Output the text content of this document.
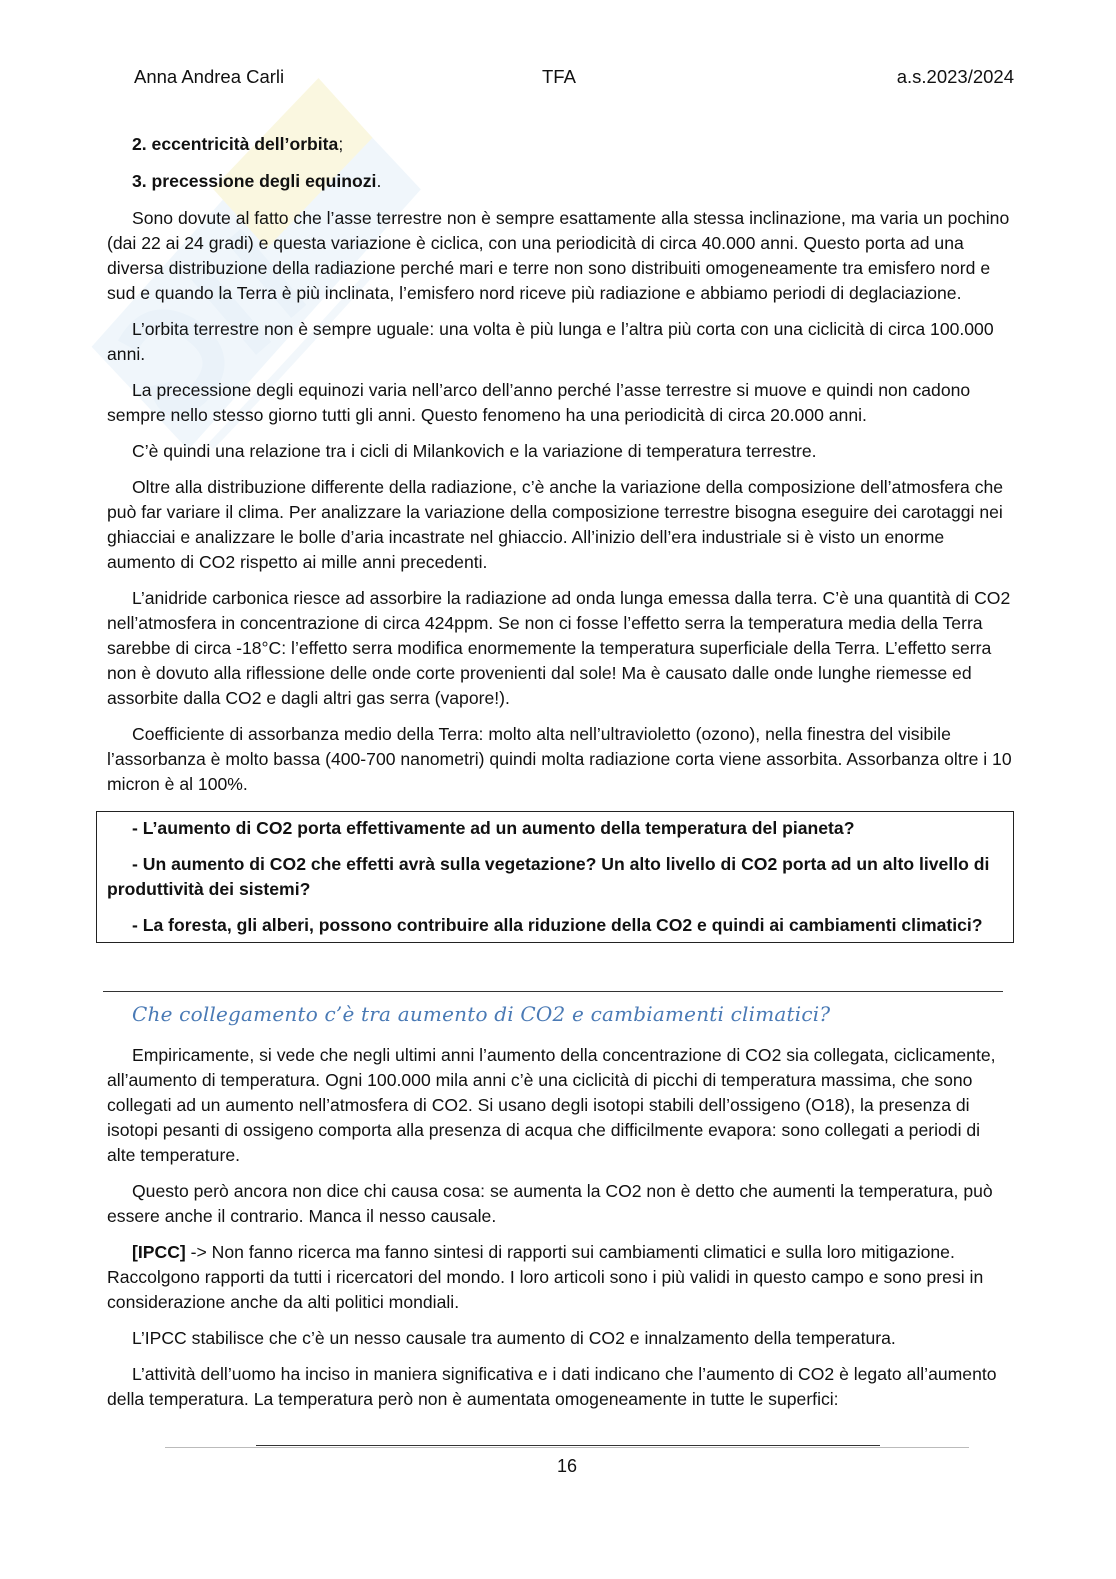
Anna Andrea Carli	TFA	a.s.2023/2024

2. eccentricità dell’orbita;

3. precessione degli equinozi.

Sono dovute al fatto che l’asse terrestre non è sempre esattamente alla stessa inclinazione, ma varia un pochino (dai 22 ai 24 gradi) e questa variazione è ciclica, con una periodicità di circa 40.000 anni. Questo porta ad una diversa distribuzione della radiazione perché mari e terre non sono distribuiti omogeneamente tra emisfero nord e sud e quando la Terra è più inclinata, l’emisfero nord riceve più radiazione e abbiamo periodi di deglaciazione.

L’orbita terrestre non è sempre uguale: una volta è più lunga e l’altra più corta con una ciclicità di circa 100.000 anni.

La precessione degli equinozi varia nell’arco dell’anno perché l’asse terrestre si muove e quindi non cadono sempre nello stesso giorno tutti gli anni. Questo fenomeno ha una periodicità di circa 20.000 anni.

C’è quindi una relazione tra i cicli di Milankovich e la variazione di temperatura terrestre.

Oltre alla distribuzione differente della radiazione, c’è anche la variazione della composizione dell’atmosfera che può far variare il clima. Per analizzare la variazione della composizione terrestre bisogna eseguire dei carotaggi nei ghiacciai e analizzare le bolle d’aria incastrate nel ghiaccio. All’inizio dell’era industriale si è visto un enorme aumento di CO2 rispetto ai mille anni precedenti.

L’anidride carbonica riesce ad assorbire la radiazione ad onda lunga emessa dalla terra. C’è una quantità di CO2 nell’atmosfera in concentrazione di circa 424ppm. Se non ci fosse l’effetto serra la temperatura media della Terra sarebbe di circa -18°C: l’effetto serra modifica enormemente la temperatura superficiale della Terra. L’effetto serra non è dovuto alla riflessione delle onde corte provenienti dal sole! Ma è causato dalle onde lunghe riemesse ed assorbite dalla CO2 e dagli altri gas serra (vapore!).

Coefficiente di assorbanza medio della Terra: molto alta nell’ultravioletto (ozono), nella finestra del visibile l’assorbanza è molto bassa (400-700 nanometri) quindi molta radiazione corta viene assorbita. Assorbanza oltre i 10 micron è al 100%.

- L’aumento di CO2 porta effettivamente ad un aumento della temperatura del pianeta?

- Un aumento di CO2 che effetti avrà sulla vegetazione? Un alto livello di CO2 porta ad un alto livello di produttività dei sistemi?

- La foresta, gli alberi, possono contribuire alla riduzione della CO2 e quindi ai cambiamenti climatici?

Che collegamento c’è tra aumento di CO2 e cambiamenti climatici?

Empiricamente, si vede che negli ultimi anni l’aumento della concentrazione di CO2 sia collegata, ciclicamente, all’aumento di temperatura. Ogni 100.000 mila anni c’è una ciclicità di picchi di temperatura massima, che sono collegati ad un aumento nell’atmosfera di CO2. Si usano degli isotopi stabili dell’ossigeno (O18), la presenza di isotopi pesanti di ossigeno comporta alla presenza di acqua che difficilmente evapora: sono collegati a periodi di alte temperature.

Questo però ancora non dice chi causa cosa: se aumenta la CO2 non è detto che aumenti la temperatura, può essere anche il contrario. Manca il nesso causale.

[IPCC] -> Non fanno ricerca ma fanno sintesi di rapporti sui cambiamenti climatici e sulla loro mitigazione. Raccolgono rapporti da tutti i ricercatori del mondo. I loro articoli sono i più validi in questo campo e sono presi in considerazione anche da alti politici mondiali.

L’IPCC stabilisce che c’è un nesso causale tra aumento di CO2 e innalzamento della temperatura.

L’attività dell’uomo ha inciso in maniera significativa e i dati indicano che l’aumento di CO2 è legato all’aumento della temperatura. La temperatura però non è aumentata omogeneamente in tutte le superfici:

16
